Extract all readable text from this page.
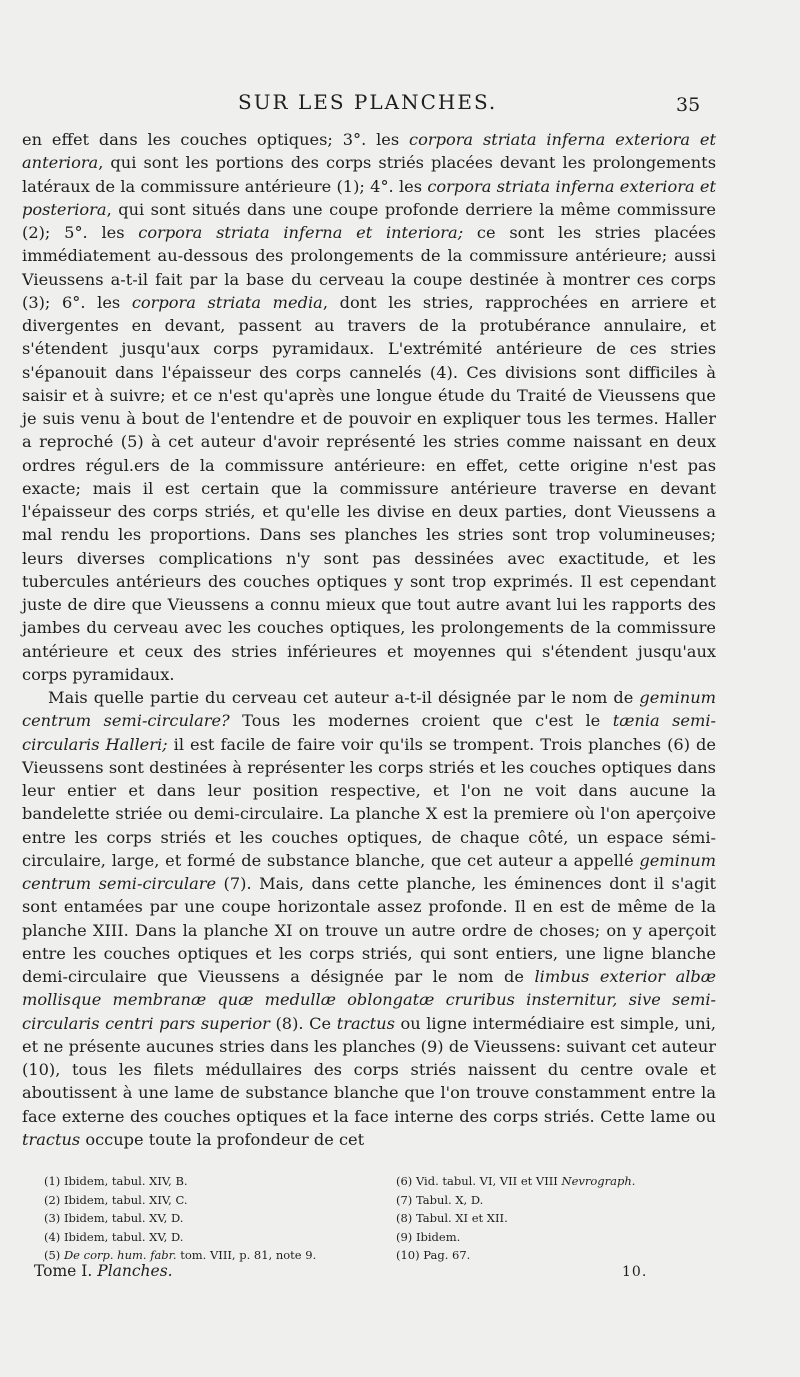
SUR LES PLANCHES.	35

en effet dans les couches optiques; 3°. les corpora striata inferna exteriora et anteriora, qui sont les portions des corps striés placées devant les prolongements latéraux de la commissure antérieure (1); 4°. les corpora striata inferna exteriora et posteriora, qui sont situés dans une coupe profonde derriere la même commissure (2); 5°. les corpora striata inferna et interiora; ce sont les stries placées immédiatement au-dessous des prolongements de la commissure antérieure; aussi Vieussens a-t-il fait par la base du cerveau la coupe destinée à montrer ces corps (3); 6°. les corpora striata media, dont les stries, rapprochées en arriere et divergentes en devant, passent au travers de la protubérance annulaire, et s'étendent jusqu'aux corps pyramidaux. L'extrémité antérieure de ces stries s'épanouit dans l'épaisseur des corps cannelés (4). Ces divisions sont difficiles à saisir et à suivre; et ce n'est qu'après une longue étude du Traité de Vieussens que je suis venu à bout de l'entendre et de pouvoir en expliquer tous les termes. Haller a reproché (5) à cet auteur d'avoir représenté les stries comme naissant en deux ordres régul.ers de la commissure antérieure: en effet, cette origine n'est pas exacte; mais il est certain que la commissure antérieure traverse en devant l'épaisseur des corps striés, et qu'elle les divise en deux parties, dont Vieussens a mal rendu les proportions. Dans ses planches les stries sont trop volumineuses; leurs diverses complications n'y sont pas dessinées avec exactitude, et les tubercules antérieurs des couches optiques y sont trop exprimés. Il est cependant juste de dire que Vieussens a connu mieux que tout autre avant lui les rapports des jambes du cerveau avec les couches optiques, les prolongements de la commissure antérieure et ceux des stries inférieures et moyennes qui s'étendent jusqu'aux corps pyramidaux.

Mais quelle partie du cerveau cet auteur a-t-il désignée par le nom de geminum centrum semi-circulare? Tous les modernes croient que c'est le tænia semi-circularis Halleri; il est facile de faire voir qu'ils se trompent. Trois planches (6) de Vieussens sont destinées à représenter les corps striés et les couches optiques dans leur entier et dans leur position respective, et l'on ne voit dans aucune la bandelette striée ou demi-circulaire. La planche X est la premiere où l'on aperçoive entre les corps striés et les couches optiques, de chaque côté, un espace sémi-circulaire, large, et formé de substance blanche, que cet auteur a appellé geminum centrum semi-circulare (7). Mais, dans cette planche, les éminences dont il s'agit sont entamées par une coupe horizontale assez profonde. Il en est de même de la planche XIII. Dans la planche XI on trouve un autre ordre de choses; on y aperçoit entre les couches optiques et les corps striés, qui sont entiers, une ligne blanche demi-circulaire que Vieussens a désignée par le nom de limbus exterior albæ mollisque membranæ quæ medullæ oblongatæ cruribus insternitur, sive semi-circularis centri pars superior (8). Ce tractus ou ligne intermédiaire est simple, uni, et ne présente aucunes stries dans les planches (9) de Vieussens: suivant cet auteur (10), tous les filets médullaires des corps striés naissent du centre ovale et aboutissent à une lame de substance blanche que l'on trouve constamment entre la face externe des couches optiques et la face interne des corps striés. Cette lame ou tractus occupe toute la profondeur de cet

(1) Ibidem, tabul. XIV, B.
(2) Ibidem, tabul. XIV, C.
(3) Ibidem, tabul. XV, D.
(4) Ibidem, tabul. XV, D.
(5) De corp. hum. fabr. tom. VIII, p. 81, note 9.
(6) Vid. tabul. VI, VII et VIII Nevrograph.
(7) Tabul. X, D.
(8) Tabul. XI et XII.
(9) Ibidem.
(10) Pag. 67.
Tome I. Planches.	10.
